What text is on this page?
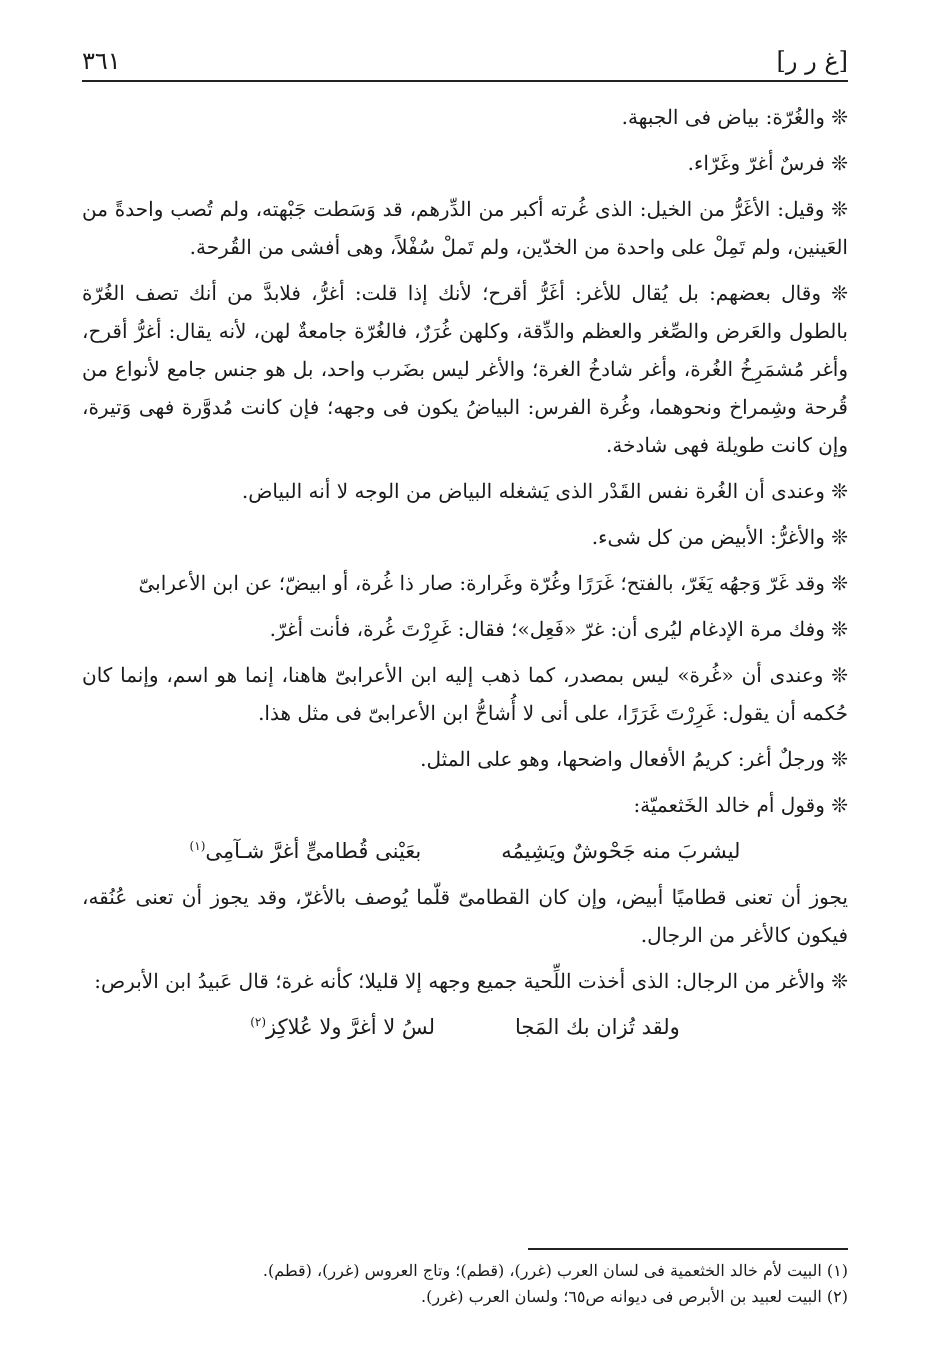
[غ ر ر]
٣٦١

❊ والغُرّة: بياض فى الجبهة.

❊ فرسٌ أغرّ وغَرّاء.

❊ وقيل: الأغَرُّ من الخيل: الذى غُرته أكبر من الدِّرهم، قد وَسَطت جَبْهته، ولم تُصب واحدةً من العَينين، ولم تَمِلْ على واحدة من الخدّين، ولم تَملْ سُفْلاً، وهى أفشى من القُرحة.

❊ وقال بعضهم: بل يُقال للأغر: أغَرُّ أقرح؛ لأنك إذا قلت: أغرُّ، فلابدَّ من أنك تصف الغُرّة بالطول والعَرض والصِّغر والعظم والدِّقة، وكلهن غُرَرٌ، فالغُرّة جامعةٌ لهن، لأنه يقال: أغرُّ أقرح، وأغر مُشمَرِخُ الغُرة، وأغر شادخُ الغرة؛ والأغر ليس بضَرب واحد، بل هو جنس جامع لأنواع من قُرحة وشِمراخ ونحوهما، وغُرة الفرس: البياضُ يكون فى وجهه؛ فإن كانت مُدوَّرة فهى وَتيرة، وإن كانت طويلة فهى شادخة.

❊ وعندى أن الغُرة نفس القَدْر الذى يَشغله البياض من الوجه لا أنه البياض.

❊ والأغرُّ: الأبيض من كل شىء.

❊ وقد غَرّ وَجهُه يَغَرّ، بالفتح؛ غَرَرًا وغُرّة وغَرارة: صار ذا غُرة، أو ابيضّ؛ عن ابن الأعرابىّ

❊ وفك مرة الإدغام ليُرى أن: غرّ «فَعِل»؛ فقال: غَرِرْتَ غُرة، فأنت أغرّ.

❊ وعندى أن «غُرة» ليس بمصدر، كما ذهب إليه ابن الأعرابىّ هاهنا، إنما هو اسم، وإنما كان حُكمه أن يقول: غَرِرْتَ غَرَرًا، على أنى لا أُشاحُّ ابن الأعرابىّ فى مثل هذا.

❊ ورجلٌ أغر: كريمُ الأفعال واضحها، وهو على المثل.

❊ وقول أم خالد الخَثعميّة:

ليشربَ منه جَحْوشٌ ويَشِيمُه
بعَيْنى قُطامىٍّ أغرَّ شـآمِى$^{(١)}$

يجوز أن تعنى قطاميًا أبيض، وإن كان القطامىّ قلّما يُوصف بالأغرّ، وقد يجوز أن تعنى عُنُقه، فيكون كالأغر من الرجال.

❊ والأغر من الرجال: الذى أخذت اللِّحية جميع وجهه إلا قليلا؛ كأنه غرة؛ قال عَبيدُ ابن الأبرص:

ولقد تُزان بك المَجا
لسُ لا أغرَّ ولا عُلاكِز$^{(٢)}$

(١) البيت لأم خالد الخثعمية فى لسان العرب (غرر)، (قطم)؛ وتاج العروس (غرر)، (قطم).

(٢) البيت لعبيد بن الأبرص فى ديوانه ص٦٥؛ ولسان العرب (غرر).
